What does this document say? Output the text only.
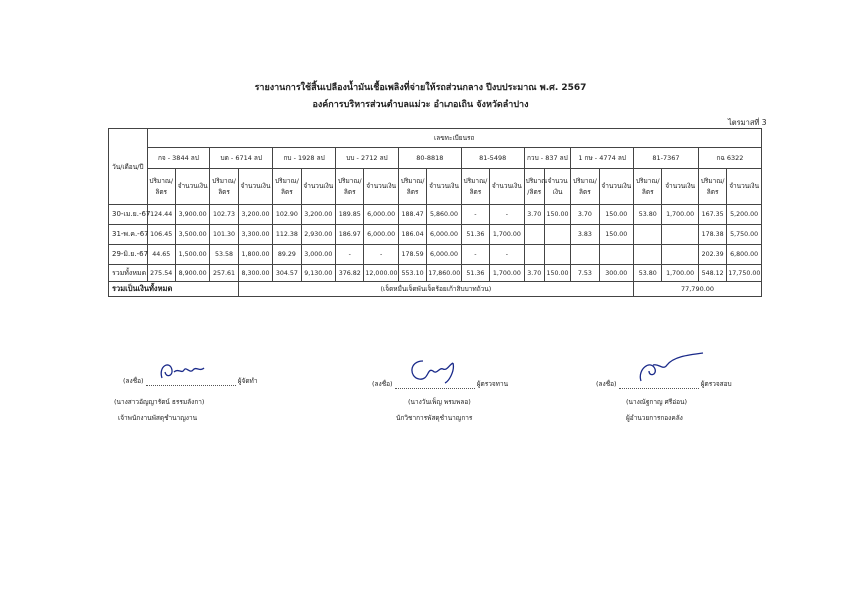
รายงานการใช้สิ้นเปลืองน้ำมันเชื้อเพลิงที่จ่ายให้รถส่วนกลาง ปีงบประมาณ พ.ศ. 2567
องค์การบริหารส่วนตำบลแม่วะ อำเภอเถิน จังหวัดลำปาง
ไตรมาสที่ 3
วัน/เดือน/ปี	เลขทะเบียนรถ																			
	กจ - 3844 ลป		บต - 6714 ลป		กบ - 1928 ลป		บบ - 2712 ลป		80-8818		81-5498		กวบ - 837 ลป		1 กษ - 4774 ลป		81-7367		กฉ 6322	
	ปริมาณ/ ลิตร	จำนวนเงิน	ปริมาณ/ ลิตร	จำนวนเงิน	ปริมาณ/ ลิตร	จำนวนเงิน	ปริมาณ/ ลิตร	จำนวนเงิน	ปริมาณ/ ลิตร	จำนวนเงิน	ปริมาณ/ ลิตร	จำนวนเงิน	ปริมาณ /ลิตร	จำนวนเงิน	ปริมาณ/ ลิตร	จำนวนเงิน	ปริมาณ/ ลิตร	จำนวนเงิน	ปริมาณ/ ลิตร	จำนวนเงิน
30-เม.ย.-67	124.44	3,900.00	102.73	3,200.00	102.90	3,200.00	189.85	6,000.00	188.47	5,860.00	-	-	3.70	150.00	3.70	150.00	53.80	1,700.00	167.35	5,200.00
31-พ.ค.-67	106.45	3,500.00	101.30	3,300.00	112.38	2,930.00	186.97	6,000.00	186.04	6,000.00	51.36	1,700.00			3.83	150.00			178.38	5,750.00
29-มิ.ย.-67	44.65	1,500.00	53.58	1,800.00	89.29	3,000.00	-	-	178.59	6,000.00	-	-							202.39	6,800.00
รวมทั้งหมด	275.54	8,900.00	257.61	8,300.00	304.57	9,130.00	376.82	12,000.00	553.10	17,860.00	51.36	1,700.00	3.70	150.00	7.53	300.00	53.80	1,700.00	548.12	17,750.00
รวมเป็นเงินทั้งหมด				(เจ็ดหมื่นเจ็ดพันเจ็ดร้อยเก้าสิบบาทถ้วน)													77,790.00			
(ลงชื่อ)	ผู้จัดทำ
(นางสาวอัญญารัตน์ ธรรมลังกา)
เจ้าพนักงานพัสดุชำนาญงาน
(ลงชื่อ)	ผู้ตรวจทาน
(นางวันเพ็ญ พรมพลอ)
นักวิชาการพัสดุชำนาญการ
(ลงชื่อ)	ผู้ตรวจสอบ
(นางณัฐกาญ ศรีอ่อน)
ผู้อำนวยการกองคลัง
